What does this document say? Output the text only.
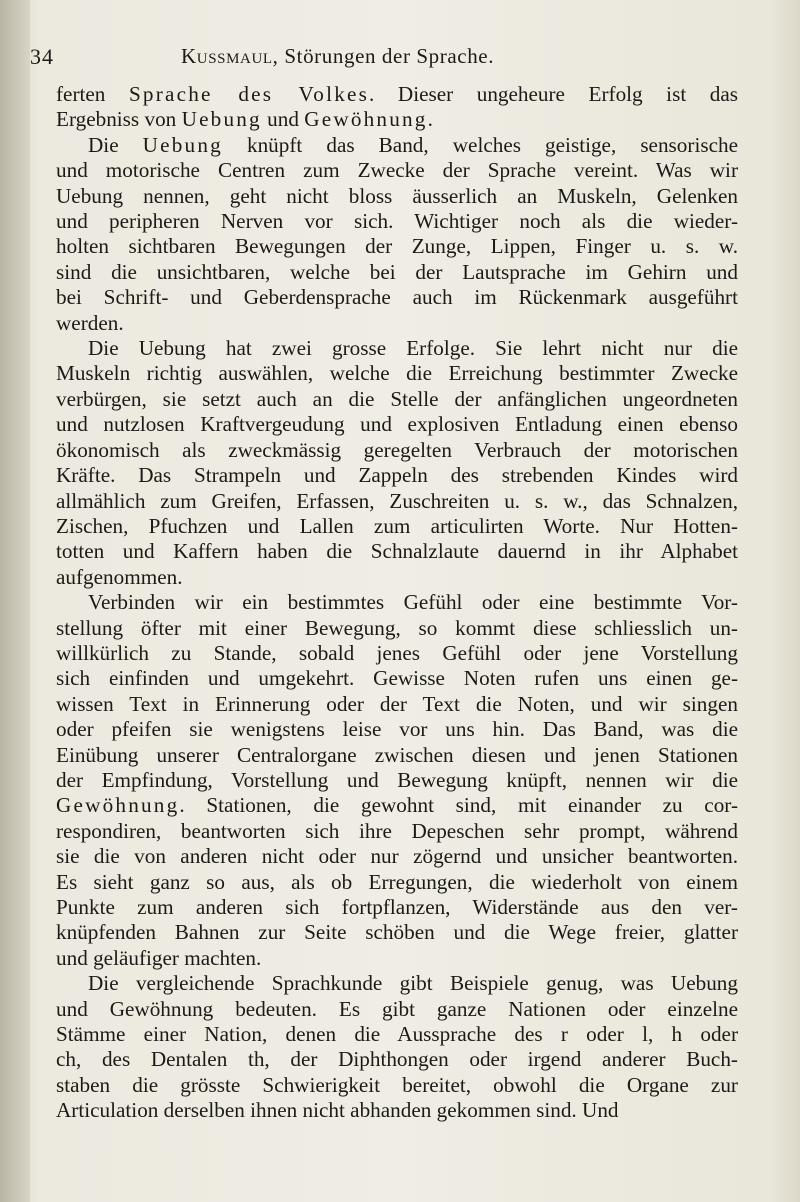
34	Kussmaul, Störungen der Sprache.
ferten Sprache des Volkes. Dieser ungeheure Erfolg ist das
Ergebniss von Uebung und Gewöhnung.
Die Uebung knüpft das Band, welches geistige, sensorische
und motorische Centren zum Zwecke der Sprache vereint. Was wir
Uebung nennen, geht nicht bloss äusserlich an Muskeln, Gelenken
und peripheren Nerven vor sich. Wichtiger noch als die wieder-
holten sichtbaren Bewegungen der Zunge, Lippen, Finger u. s. w.
sind die unsichtbaren, welche bei der Lautsprache im Gehirn und
bei Schrift- und Geberdensprache auch im Rückenmark ausgeführt
werden.
Die Uebung hat zwei grosse Erfolge. Sie lehrt nicht nur die
Muskeln richtig auswählen, welche die Erreichung bestimmter Zwecke
verbürgen, sie setzt auch an die Stelle der anfänglichen ungeordneten
und nutzlosen Kraftvergeudung und explosiven Entladung einen ebenso
ökonomisch als zweckmässig geregelten Verbrauch der motorischen
Kräfte. Das Strampeln und Zappeln des strebenden Kindes wird
allmählich zum Greifen, Erfassen, Zuschreiten u. s. w., das Schnalzen,
Zischen, Pfuchzen und Lallen zum articulirten Worte. Nur Hotten-
totten und Kaffern haben die Schnalzlaute dauernd in ihr Alphabet
aufgenommen.
Verbinden wir ein bestimmtes Gefühl oder eine bestimmte Vor-
stellung öfter mit einer Bewegung, so kommt diese schliesslich un-
willkürlich zu Stande, sobald jenes Gefühl oder jene Vorstellung
sich einfinden und umgekehrt. Gewisse Noten rufen uns einen ge-
wissen Text in Erinnerung oder der Text die Noten, und wir singen
oder pfeifen sie wenigstens leise vor uns hin. Das Band, was die
Einübung unserer Centralorgane zwischen diesen und jenen Stationen
der Empfindung, Vorstellung und Bewegung knüpft, nennen wir die
Gewöhnung. Stationen, die gewohnt sind, mit einander zu cor-
respondiren, beantworten sich ihre Depeschen sehr prompt, während
sie die von anderen nicht oder nur zögernd und unsicher beantworten.
Es sieht ganz so aus, als ob Erregungen, die wiederholt von einem
Punkte zum anderen sich fortpflanzen, Widerstände aus den ver-
knüpfenden Bahnen zur Seite schöben und die Wege freier, glatter
und geläufiger machten.
Die vergleichende Sprachkunde gibt Beispiele genug, was Uebung
und Gewöhnung bedeuten. Es gibt ganze Nationen oder einzelne
Stämme einer Nation, denen die Aussprache des r oder l, h oder
ch, des Dentalen th, der Diphthongen oder irgend anderer Buch-
staben die grösste Schwierigkeit bereitet, obwohl die Organe zur
Articulation derselben ihnen nicht abhanden gekommen sind. Und
